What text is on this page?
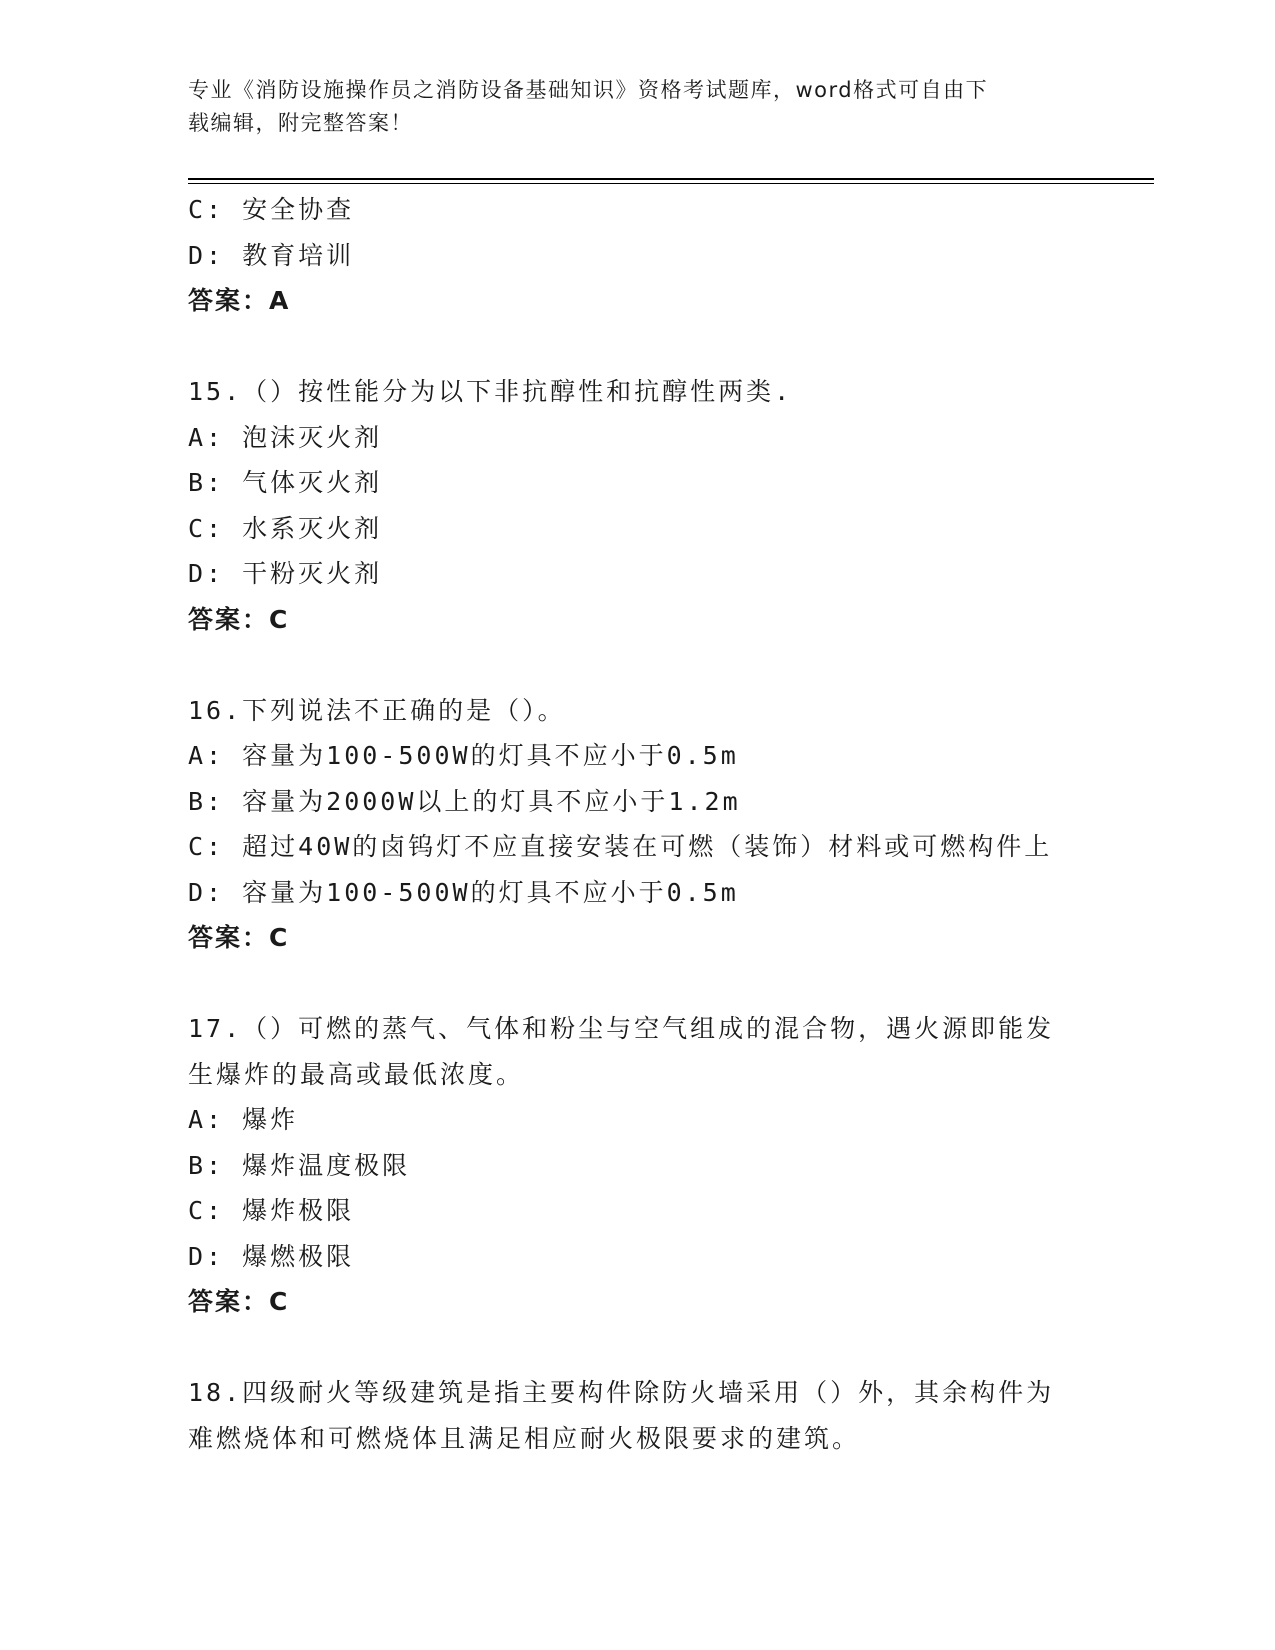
专业《消防设施操作员之消防设备基础知识》资格考试题库，word格式可自由下
载编辑，附完整答案！
C: 安全协查
D: 教育培训
答案：A
15.（）按性能分为以下非抗醇性和抗醇性两类.
A: 泡沫灭火剂
B: 气体灭火剂
C: 水系灭火剂
D: 干粉灭火剂
答案：C
16.下列说法不正确的是（）。
A: 容量为100-500W的灯具不应小于0.5m
B: 容量为2000W以上的灯具不应小于1.2m
C: 超过40W的卤钨灯不应直接安装在可燃（装饰）材料或可燃构件上
D: 容量为100-500W的灯具不应小于0.5m
答案：C
17.（）可燃的蒸气、气体和粉尘与空气组成的混合物，遇火源即能发
生爆炸的最高或最低浓度。
A: 爆炸
B: 爆炸温度极限
C: 爆炸极限
D: 爆燃极限
答案：C
18.四级耐火等级建筑是指主要构件除防火墙采用（）外，其余构件为
难燃烧体和可燃烧体且满足相应耐火极限要求的建筑。
